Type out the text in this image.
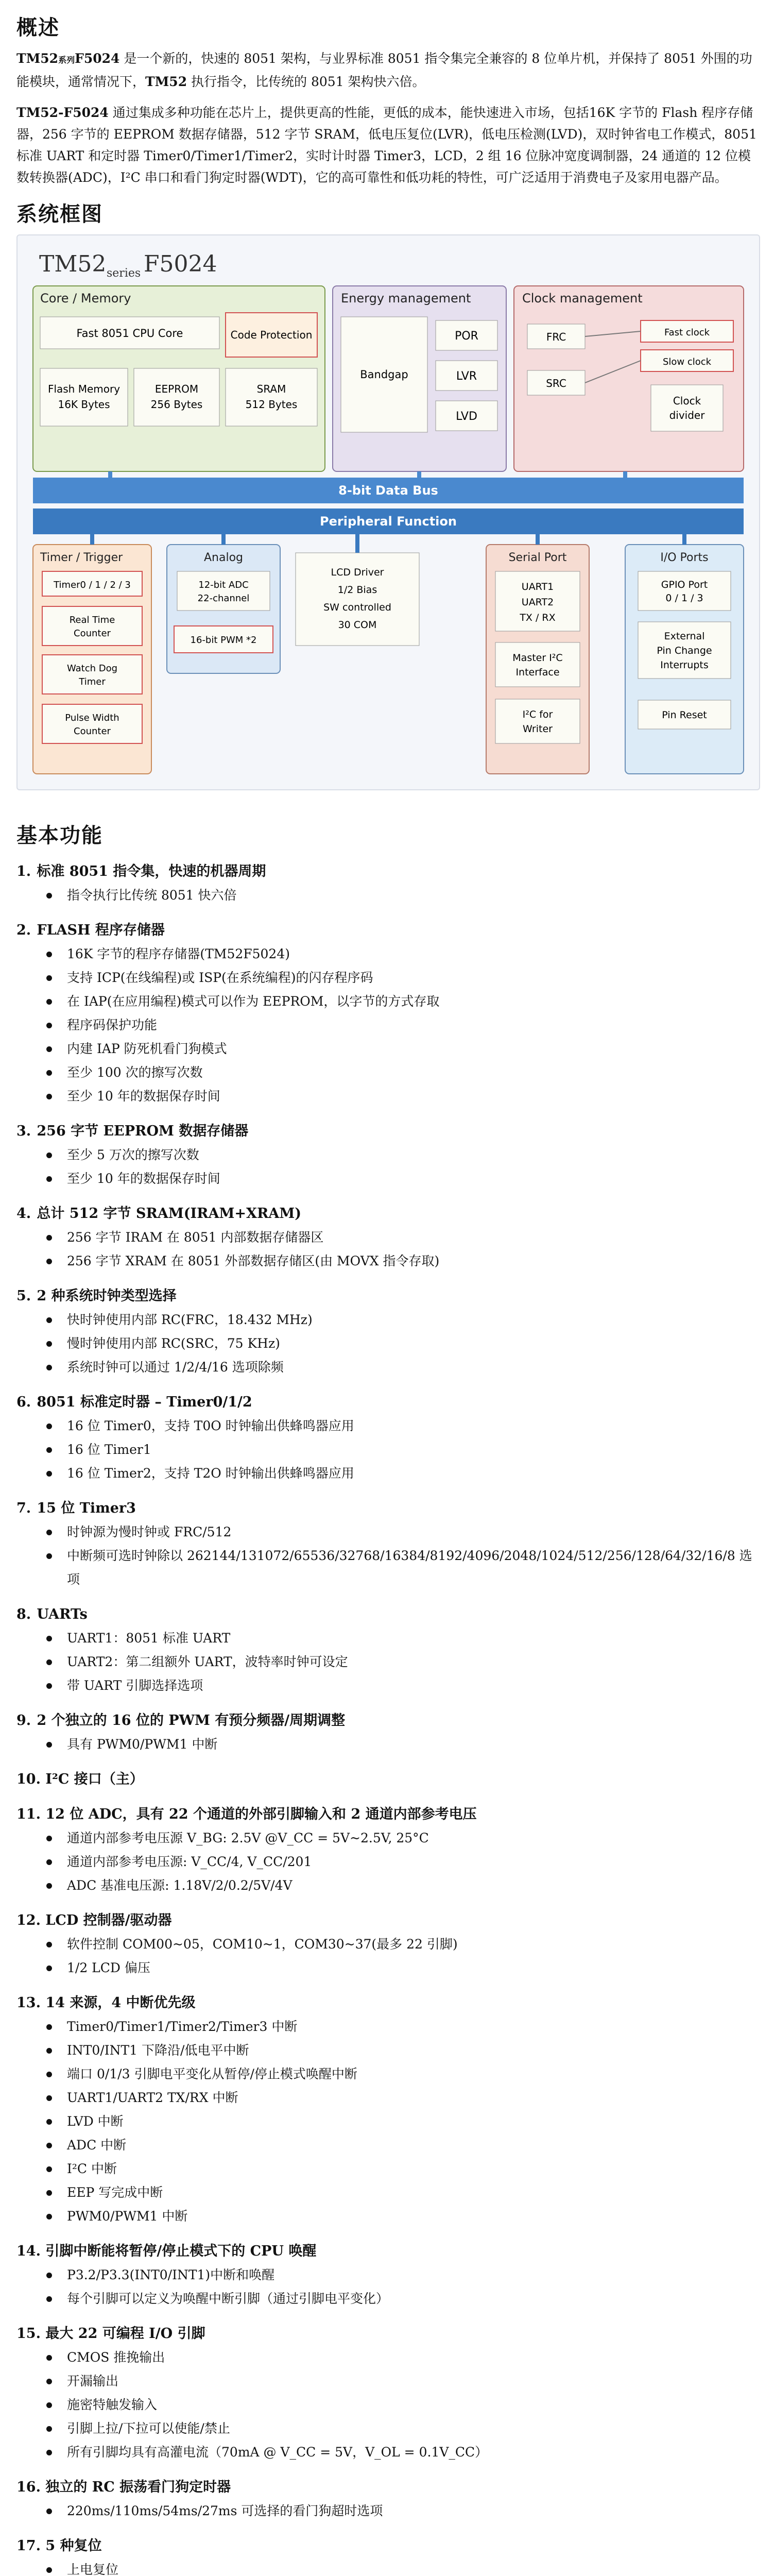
概述

TM52系列F5024 是一个新的，快速的 8051 架构，与业界标准 8051 指令集完全兼容的 8 位单片机，并保持了 8051 外围的功能模块，通常情况下，TM52 执行指令，比传统的 8051 架构快六倍。

TM52-F5024 通过集成多种功能在芯片上，提供更高的性能，更低的成本，能快速进入市场，包括16K 字节的 Flash 程序存储器，256 字节的 EEPROM 数据存储器，512 字节 SRAM，低电压复位(LVR)，低电压检测(LVD)，双时钟省电工作模式，8051 标准 UART 和定时器 Timer0/Timer1/Timer2，实时计时器 Timer3，LCD，2 组 16 位脉冲宽度调制器，24 通道的 12 位模数转换器(ADC)，I²C 串口和看门狗定时器(WDT)，它的高可靠性和低功耗的特性，可广泛适用于消费电子及家用电器产品。

系统框图
TM52 series F5024
Core / Memory
Fast 8051 CPU Core	Code Protection
Flash Memory
16K Bytes
EEPROM
256 Bytes
SRAM
512 Bytes
Energy management
Bandgap
POR
LVR
LVD
Clock management
FRC	Fast clock
Slow clock
SRC
Clock
divider
8-bit Data Bus
Peripheral Function
Timer / Trigger
Timer0 / 1 / 2 / 3
Real Time
Counter
Watch Dog
Timer
Pulse Width
Counter
Analog
12-bit ADC
22-channel
16-bit PWM *2
LCD Driver
1/2 Bias
SW controlled
30 COM
Serial Port
UART1
UART2
TX / RX
Master I²C
Interface
I²C for
Writer
I/O Ports
GPIO Port
0 / 1 / 3
External
Pin Change
Interrupts
Pin Reset
基本功能

1. 标准 8051 指令集，快速的机器周期

指令执行比传统 8051 快六倍

2. FLASH 程序存储器

16K 字节的程序存储器(TM52F5024)
支持 ICP(在线编程)或 ISP(在系统编程)的闪存程序码
在 IAP(在应用编程)模式可以作为 EEPROM，以字节的方式存取
程序码保护功能
内建 IAP 防死机看门狗模式
至少 100 次的擦写次数
至少 10 年的数据保存时间

3. 256 字节 EEPROM 数据存储器

至少 5 万次的擦写次数
至少 10 年的数据保存时间

4. 总计 512 字节 SRAM(IRAM+XRAM)

256 字节 IRAM 在 8051 内部数据存储器区
256 字节 XRAM 在 8051 外部数据存储区(由 MOVX 指令存取)

5. 2 种系统时钟类型选择

快时钟使用内部 RC(FRC，18.432 MHz)
慢时钟使用内部 RC(SRC，75 KHz)
系统时钟可以通过 1/2/4/16 选项除频

6. 8051 标准定时器 – Timer0/1/2

16 位 Timer0，支持 T0O 时钟输出供蜂鸣器应用
16 位 Timer1
16 位 Timer2，支持 T2O 时钟输出供蜂鸣器应用

7. 15 位 Timer3

时钟源为慢时钟或 FRC/512
中断频可选时钟除以 262144/131072/65536/32768/16384/8192/4096/2048/1024/512/256/128/64/32/16/8 选项

8. UARTs

UART1：8051 标准 UART
UART2：第二组额外 UART，波特率时钟可设定
带 UART 引脚选择选项

9. 2 个独立的 16 位的 PWM 有预分频器/周期调整

具有 PWM0/PWM1 中断

10. I²C 接口（主）

11. 12 位 ADC，具有 22 个通道的外部引脚输入和 2 通道内部参考电压

通道内部参考电压源 V_BG: 2.5V @V_CC = 5V~2.5V, 25°C
通道内部参考电压源: V_CC/4, V_CC/201
ADC 基准电压源: 1.18V/2/0.2/5V/4V

12. LCD 控制器/驱动器

软件控制 COM00~05，COM10~1，COM30~37(最多 22 引脚)
1/2 LCD 偏压

13. 14 来源，4 中断优先级

Timer0/Timer1/Timer2/Timer3 中断
INT0/INT1 下降沿/低电平中断
端口 0/1/3 引脚电平变化从暂停/停止模式唤醒中断
UART1/UART2 TX/RX 中断
LVD 中断
ADC 中断
I²C 中断
EEP 写完成中断
PWM0/PWM1 中断

14. 引脚中断能将暂停/停止模式下的 CPU 唤醒

P3.2/P3.3(INT0/INT1)中断和唤醒
每个引脚可以定义为唤醒中断引脚（通过引脚电平变化）

15. 最大 22 可编程 I/O 引脚

CMOS 推挽输出
开漏输出
施密特触发输入
引脚上拉/下拉可以使能/禁止
所有引脚均具有高灌电流（70mA @ V_CC = 5V，V_OL = 0.1V_CC）

16. 独立的 RC 振荡看门狗定时器

220ms/110ms/54ms/27ms 可选择的看门狗超时选项

17. 5 种复位

上电复位
